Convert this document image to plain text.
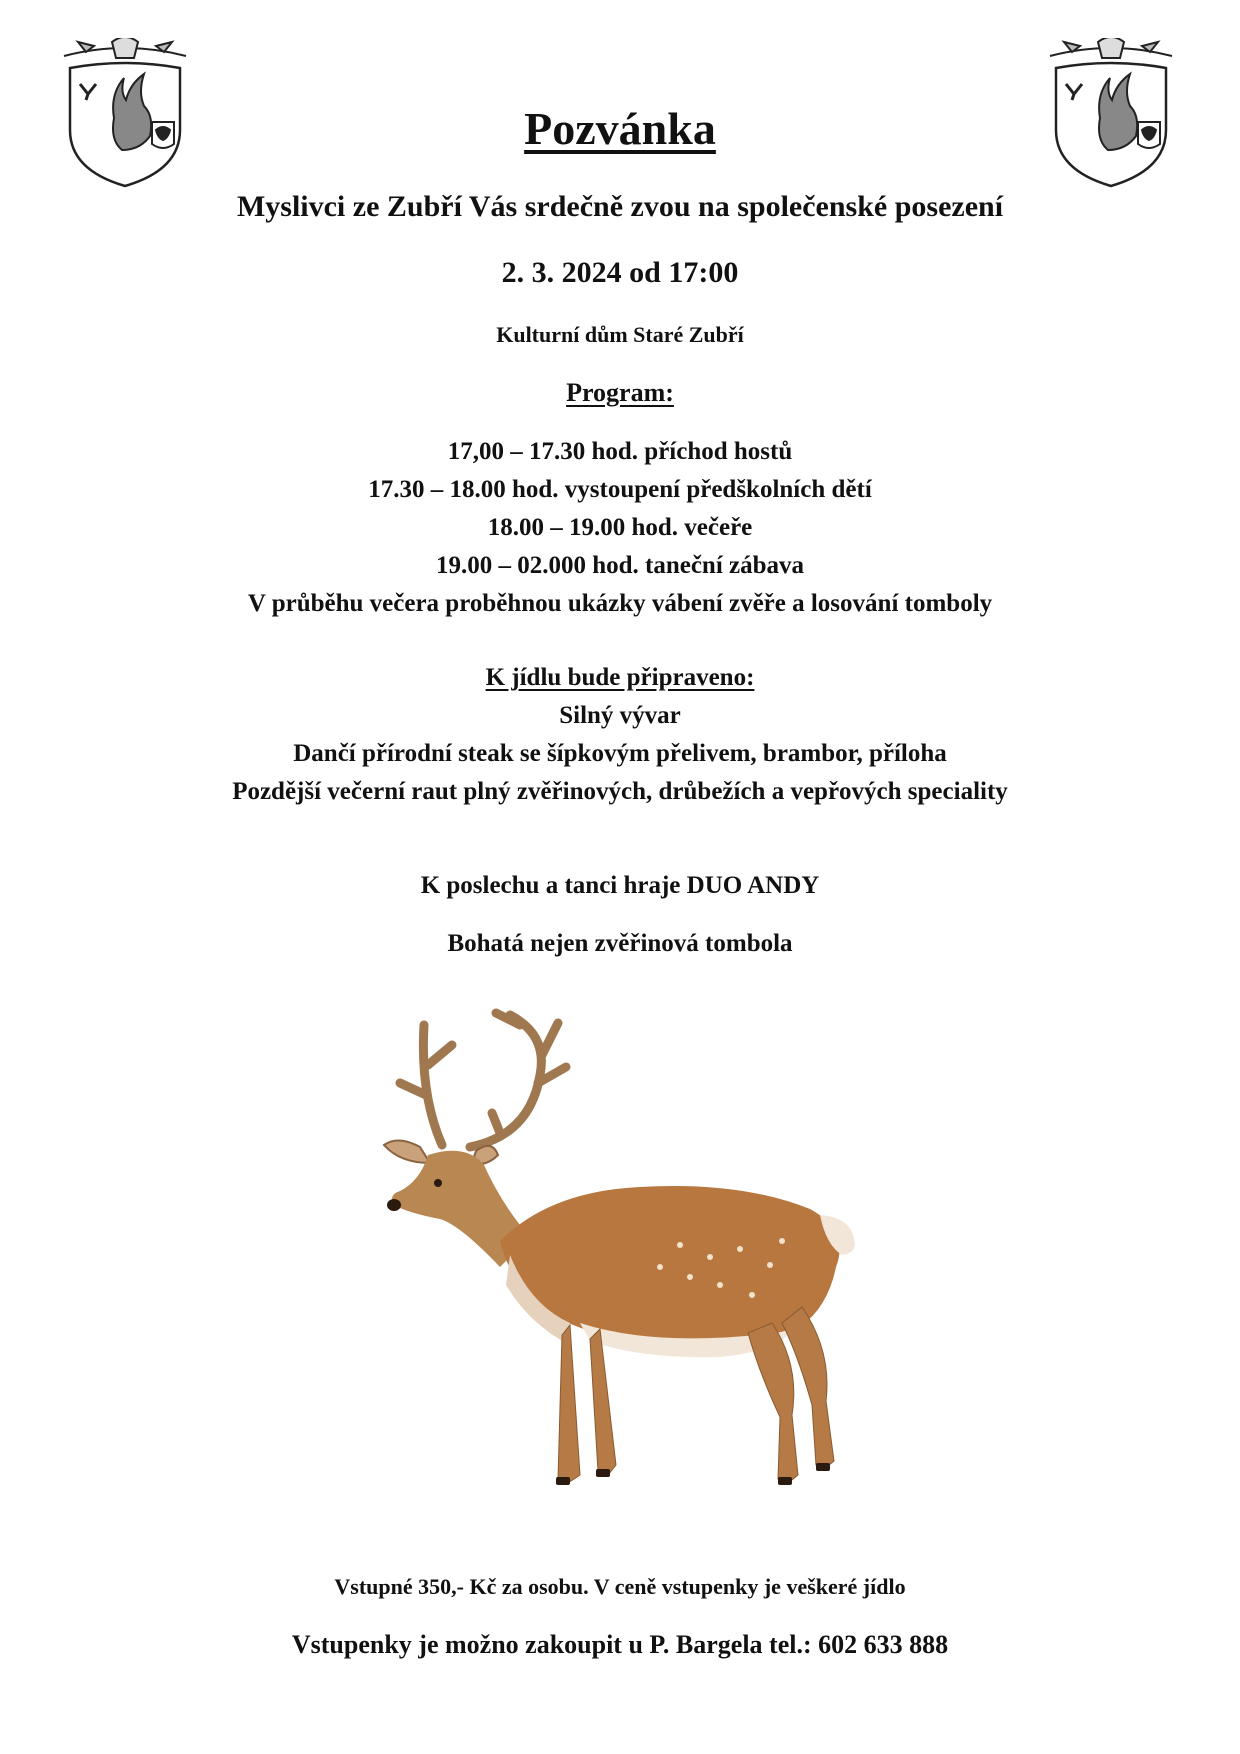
Pozvánka
Myslivci ze Zubří Vás srdečně zvou na společenské posezení
2. 3. 2024 od 17:00
Kulturní dům Staré Zubří
Program:
17,00 – 17.30 hod. příchod hostů
17.30 – 18.00 hod. vystoupení předškolních dětí
18.00 – 19.00 hod. večeře
19.00 – 02.000 hod. taneční zábava
V průběhu večera proběhnou ukázky vábení zvěře a losování tomboly
K jídlu bude připraveno:
Silný vývar
Dančí přírodní steak se šípkovým přelivem, brambor, příloha
Pozdější večerní raut plný zvěřinových, drůbežích a vepřových speciality
K poslechu a tanci hraje DUO ANDY
Bohatá nejen zvěřinová tombola
Vstupné 350,- Kč za osobu. V ceně vstupenky je veškeré jídlo
Vstupenky je možno zakoupit u P. Bargela tel.: 602 633 888
